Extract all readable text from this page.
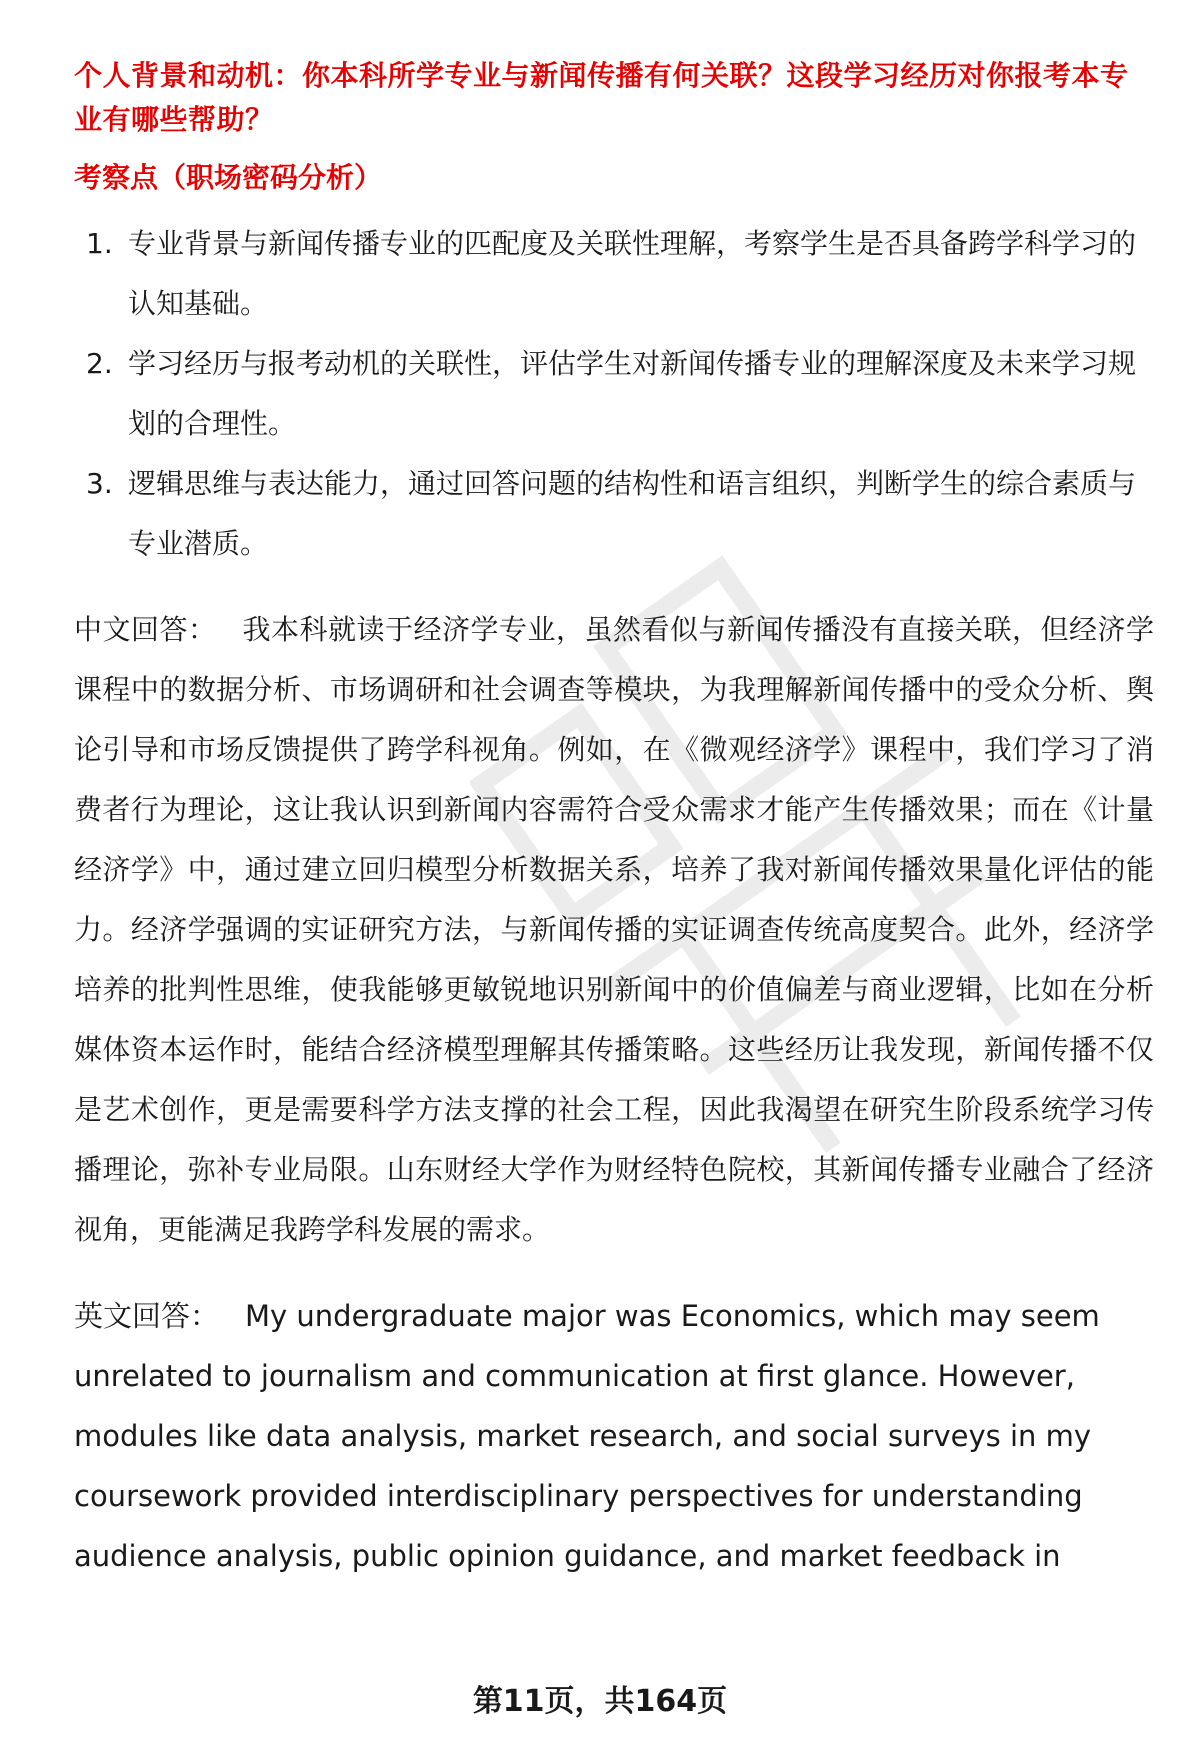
个人背景和动机：你本科所学专业与新闻传播有何关联？这段学习经历对你报考本专业有哪些帮助？

考察点（职场密码分析）

1. 专业背景与新闻传播专业的匹配度及关联性理解，考察学生是否具备跨学科学习的认知基础。
2. 学习经历与报考动机的关联性，评估学生对新闻传播专业的理解深度及未来学习规划的合理性。
3. 逻辑思维与表达能力，通过回答问题的结构性和语言组织，判断学生的综合素质与专业潜质。
中文回答： 我本科就读于经济学专业，虽然看似与新闻传播没有直接关联，但经济学课程中的数据分析、市场调研和社会调查等模块，为我理解新闻传播中的受众分析、舆论引导和市场反馈提供了跨学科视角。例如，在《微观经济学》课程中，我们学习了消费者行为理论，这让我认识到新闻内容需符合受众需求才能产生传播效果；而在《计量经济学》中，通过建立回归模型分析数据关系，培养了我对新闻传播效果量化评估的能力。经济学强调的实证研究方法，与新闻传播的实证调查传统高度契合。此外，经济学培养的批判性思维，使我能够更敏锐地识别新闻中的价值偏差与商业逻辑，比如在分析媒体资本运作时，能结合经济模型理解其传播策略。这些经历让我发现，新闻传播不仅是艺术创作，更是需要科学方法支撑的社会工程，因此我渴望在研究生阶段系统学习传播理论，弥补专业局限。山东财经大学作为财经特色院校，其新闻传播专业融合了经济视角，更能满足我跨学科发展的需求。
英文回答： My undergraduate major was Economics, which may seem unrelated to journalism and communication at first glance. However, modules like data analysis, market research, and social surveys in my coursework provided interdisciplinary perspectives for understanding audience analysis, public opinion guidance, and market feedback in
第11页，共164页
